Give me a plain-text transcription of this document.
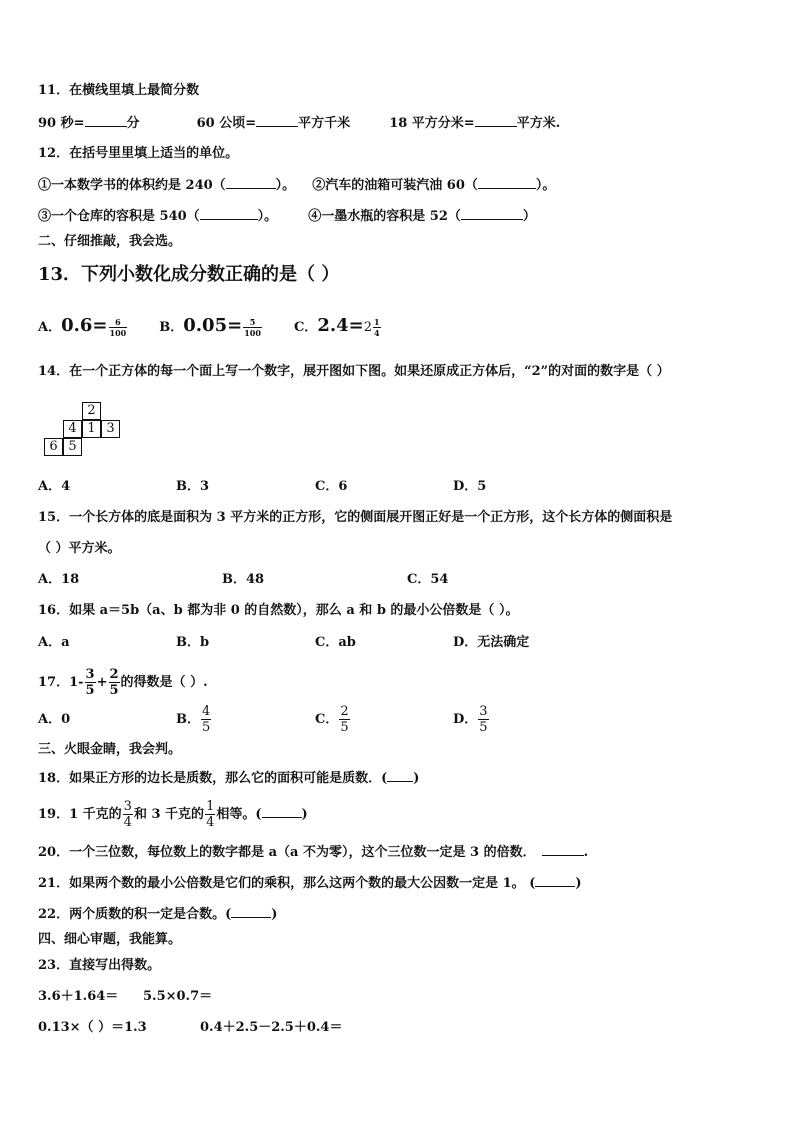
11．在横线里填上最简分数
90 秒=	分	60 公顷=	平方千米	18 平方分米=	平方米.
12．在括号里里填上适当的单位。
①一本数学书的体积约是 240（	）。 ②汽车的油箱可装汽油 60（	）。
③一个仓库的容积是 540（	）。 ④一墨水瓶的容积是 52（	）
二、仔细推敲，我会选。
13．下列小数化成分数正确的是（ ）
A．$0.6= \frac{6}{100}$ B．$0.05= \frac{5}{100}$ C．$2.4=2 \frac{1}{4}$
14．在一个正方体的每一个面上写一个数字，展开图如下图。如果还原成正方体后，“2”的对面的数字是（ ）
2
4 1 3
6 5
A．4	B．3	C．6	D．5
15．一个长方体的底是面积为 3 平方米的正方形，它的侧面展开图正好是一个正方形，这个长方体的侧面积是
（ ）平方米。
A．18	B．48	C．54
16．如果 a＝5b（a、b 都为非 0 的自然数），那么 a 和 b 的最小公倍数是（ ）。
A．a	B．b	C．ab	D．无法确定
17．$1- \frac{3}{5} + \frac{2}{5}$ 的得数是（ ）.
A．0	B． $\frac{4}{5}$	C． $\frac{2}{5}$	D． $\frac{3}{5}$
三、火眼金睛，我会判。
18．如果正方形的边长是质数，那么它的面积可能是质数．( )
19．1 千克的 $\frac{3}{4}$ 和 3 千克的 $\frac{1}{4}$ 相等。(	)
20．一个三位数，每位数上的数字都是 a（a 不为零），这个三位数一定是 3 的倍数．	.
21．如果两个数的最小公倍数是它们的乘积，那么这两个数的最大公因数一定是 1。 (	)
22．两个质数的积一定是合数。(	)
四、细心审题，我能算。
23．直接写出得数。
3.6＋1.64＝ 5.5×0.7＝
0.13×（ ）＝1.3	0.4＋2.5－2.5＋0.4＝
